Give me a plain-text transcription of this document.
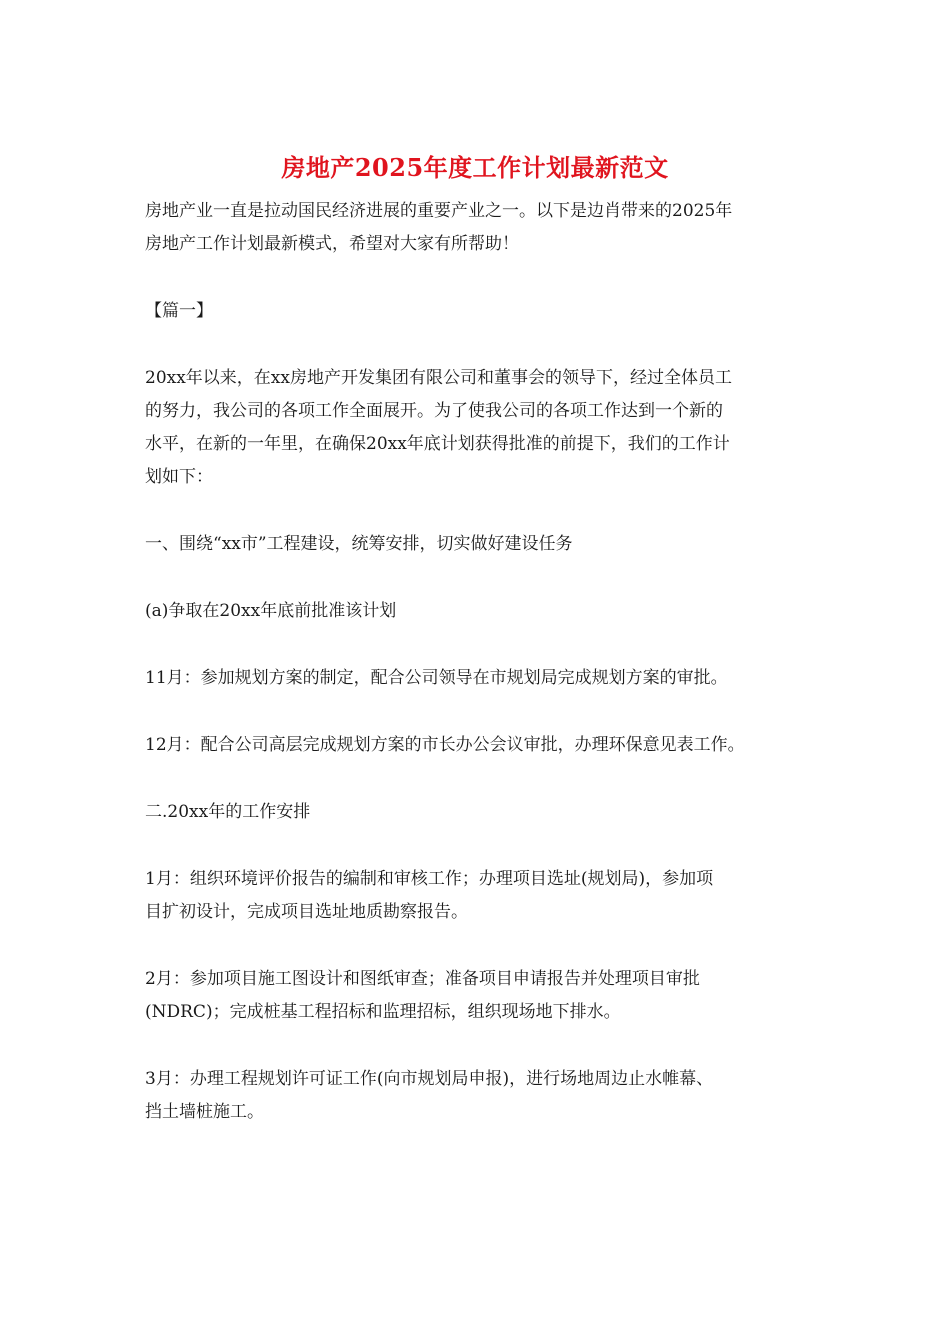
房地产2025年度工作计划最新范文

房地产业一直是拉动国民经济进展的重要产业之一。以下是边肖带来的2025年

房地产工作计划最新模式，希望对大家有所帮助！

【篇一】

20xx年以来，在xx房地产开发集团有限公司和董事会的领导下，经过全体员工

的努力，我公司的各项工作全面展开。为了使我公司的各项工作达到一个新的

水平，在新的一年里，在确保20xx年底计划获得批准的前提下，我们的工作计

划如下：

一、围绕“xx市”工程建设，统筹安排，切实做好建设任务

(a)争取在20xx年底前批准该计划

11月：参加规划方案的制定，配合公司领导在市规划局完成规划方案的审批。

12月：配合公司高层完成规划方案的市长办公会议审批，办理环保意见表工作。

二.20xx年的工作安排

1月：组织环境评价报告的编制和审核工作；办理项目选址(规划局)，参加项

目扩初设计，完成项目选址地质勘察报告。

2月：参加项目施工图设计和图纸审查；准备项目申请报告并处理项目审批

(NDRC)；完成桩基工程招标和监理招标，组织现场地下排水。

3月：办理工程规划许可证工作(向市规划局申报)，进行场地周边止水帷幕、

挡土墙桩施工。
